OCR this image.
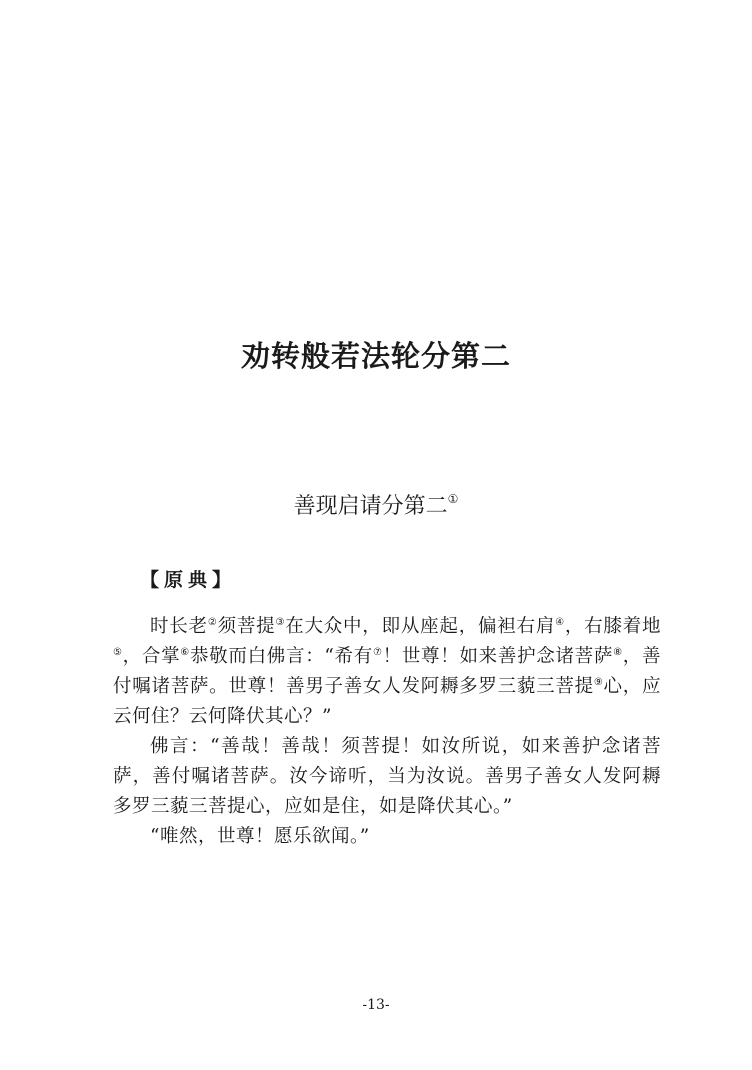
劝转般若法轮分第二
善现启请分第二①
【原典】

时长老②须菩提③在大众中，即从座起，偏袒右肩④，右膝着地⑤，合掌⑥恭敬而白佛言：“希有⑦！世尊！如来善护念诸菩萨⑧，善付嘱诸菩萨。世尊！善男子善女人发阿耨多罗三藐三菩提⑨心，应云何住？云何降伏其心？”

佛言：“善哉！善哉！须菩提！如汝所说，如来善护念诸菩萨，善付嘱诸菩萨。汝今谛听，当为汝说。善男子善女人发阿耨多罗三藐三菩提心，应如是住，如是降伏其心。”

“唯然，世尊！愿乐欲闻。”

-13-
